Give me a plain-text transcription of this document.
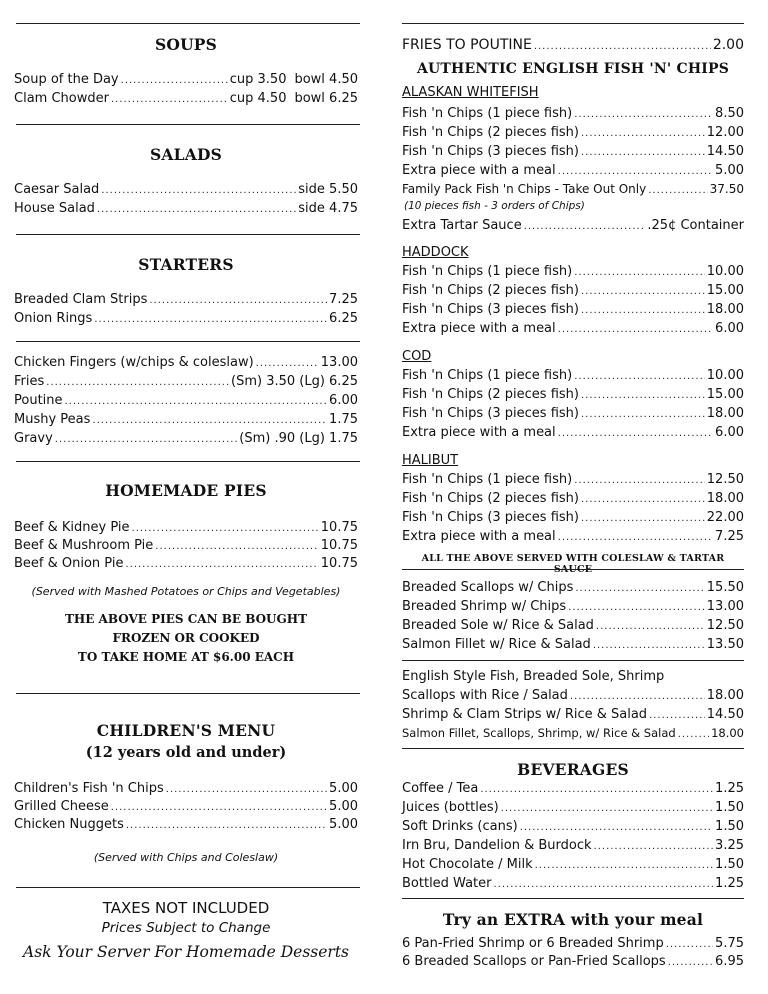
SOUPS
Soup of the Day .....	cup 3.50 bowl 4.50
Clam Chowder .....	cup 4.50 bowl 6.25
SALADS
Caesar Salad .....	side 5.50
House Salad .....	side 4.75
STARTERS
Breaded Clam Strips .....	7.25
Onion Rings .....	6.25
Chicken Fingers (w/chips & coleslaw) .....	13.00
Fries .....	(Sm) 3.50 (Lg) 6.25
Poutine .....	6.00
Mushy Peas .....	1.75
Gravy .....	(Sm) .90 (Lg) 1.75
HOMEMADE PIES
Beef & Kidney Pie .....	10.75
Beef & Mushroom Pie .....	10.75
Beef & Onion Pie .....	10.75
(Served with Mashed Potatoes or Chips and Vegetables)
THE ABOVE PIES CAN BE BOUGHT
FROZEN OR COOKED
TO TAKE HOME AT $6.00 EACH
CHILDREN'S MENU
(12 years old and under)
Children's Fish 'n Chips .....	5.00
Grilled Cheese .....	5.00
Chicken Nuggets .....	5.00
(Served with Chips and Coleslaw)
TAXES NOT INCLUDED
Prices Subject to Change
Ask Your Server For Homemade Desserts
FRIES TO POUTINE .....	2.00
AUTHENTIC ENGLISH FISH 'N' CHIPS
ALASKAN WHITEFISH
Fish 'n Chips (1 piece fish) .....	8.50
Fish 'n Chips (2 pieces fish) .....	12.00
Fish 'n Chips (3 pieces fish) .....	14.50
Extra piece with a meal .....	5.00
Family Pack Fish 'n Chips - Take Out Only .....	37.50
(10 pieces fish - 3 orders of Chips)
Extra Tartar Sauce .....	.25¢ Container
HADDOCK
Fish 'n Chips (1 piece fish) .....	10.00
Fish 'n Chips (2 pieces fish) .....	15.00
Fish 'n Chips (3 pieces fish) .....	18.00
Extra piece with a meal .....	6.00
COD
Fish 'n Chips (1 piece fish) .....	10.00
Fish 'n Chips (2 pieces fish) .....	15.00
Fish 'n Chips (3 pieces fish) .....	18.00
Extra piece with a meal .....	6.00
HALIBUT
Fish 'n Chips (1 piece fish) .....	12.50
Fish 'n Chips (2 pieces fish) .....	18.00
Fish 'n Chips (3 pieces fish) .....	22.00
Extra piece with a meal .....	7.25
ALL THE ABOVE SERVED WITH COLESLAW & TARTAR
Breaded Scallops w/ Chips .....	15.50
Breaded Shrimp w/ Chips .....	13.00
Breaded Sole w/ Rice & Salad .....	12.50
Salmon Fillet w/ Rice & Salad .....	13.50
English Style Fish, Breaded Sole, Shrimp
Scallops with Rice / Salad .....	18.00
Shrimp & Clam Strips w/ Rice & Salad .....	14.50
Salmon Fillet, Scallops, Shrimp, w/ Rice & Salad .....	18.00
BEVERAGES
Coffee / Tea .....	1.25
Juices (bottles) .....	1.50
Soft Drinks (cans) .....	1.50
Irn Bru, Dandelion & Burdock .....	3.25
Hot Chocolate / Milk .....	1.50
Bottled Water .....	1.25
Try an EXTRA with your meal
6 Pan-Fried Shrimp or 6 Breaded Shrimp .....	5.75
6 Breaded Scallops or Pan-Fried Scallops .....	6.95
